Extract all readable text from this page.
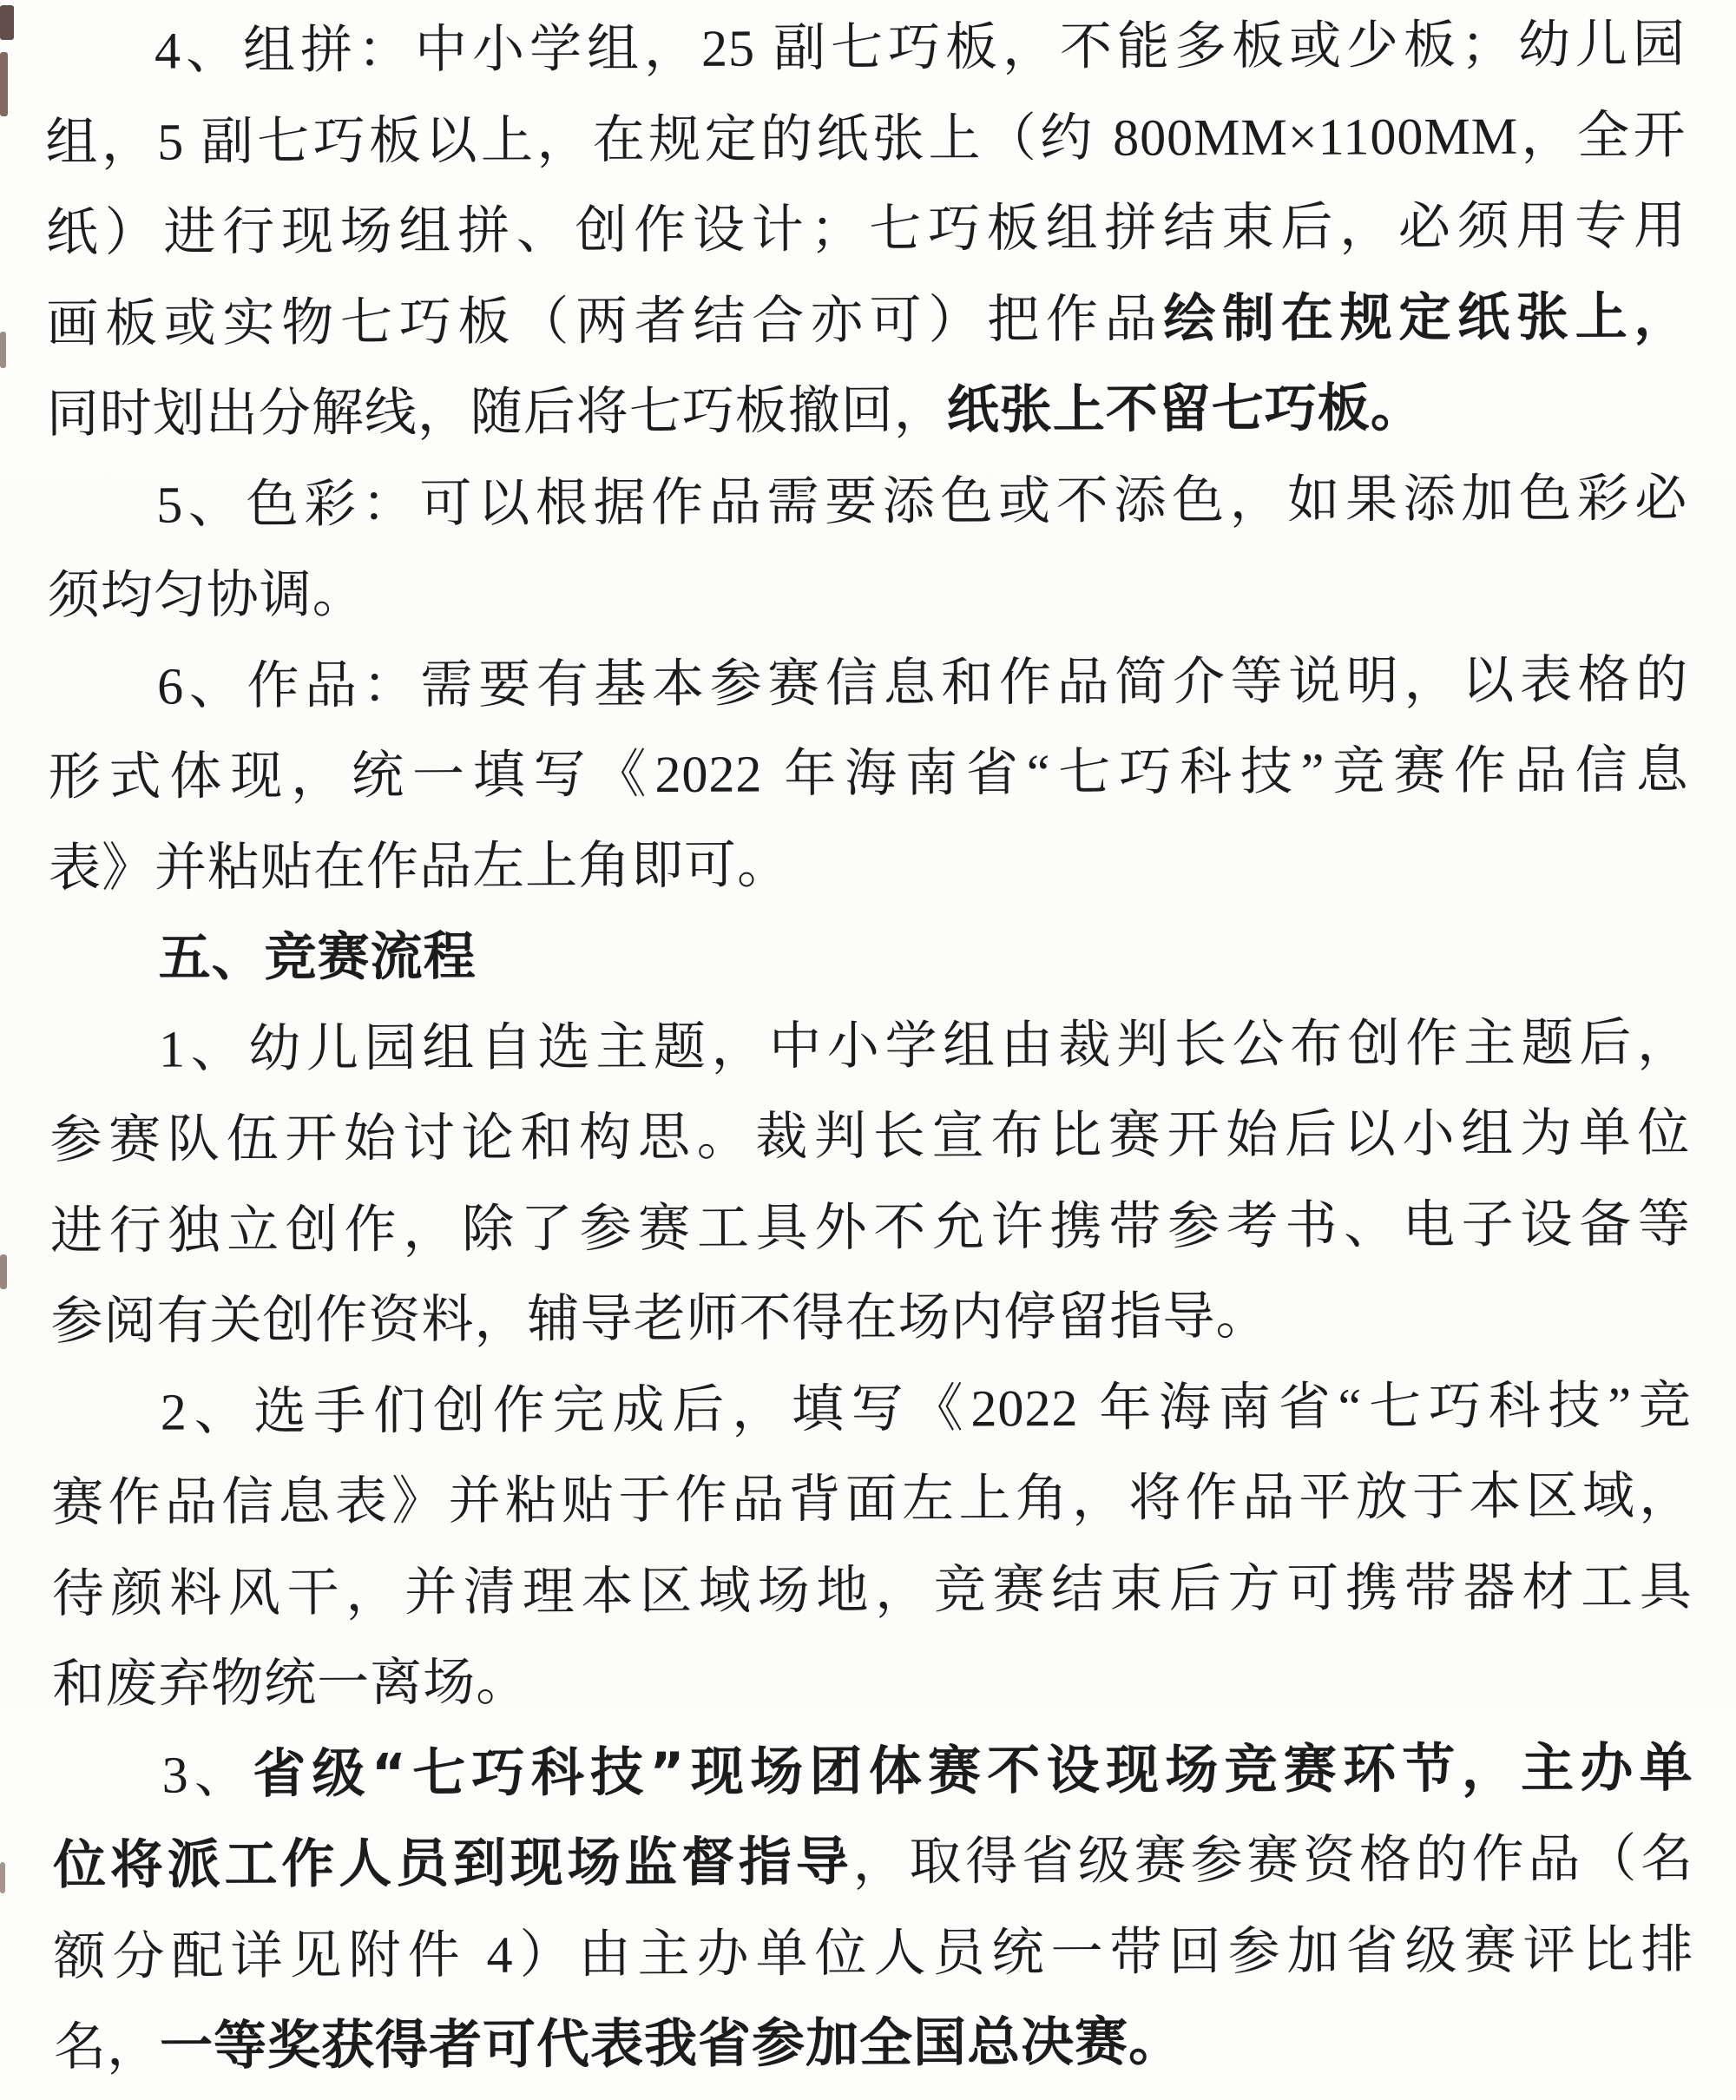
4、组拼：中小学组，25 副七巧板，不能多板或少板；幼儿园
组，5 副七巧板以上，在规定的纸张上（约 800MM×1100MM，全开
纸）进行现场组拼、创作设计；七巧板组拼结束后，必须用专用
画板或实物七巧板（两者结合亦可）把作品绘制在规定纸张上，
同时划出分解线，随后将七巧板撤回，纸张上不留七巧板。
5、色彩：可以根据作品需要添色或不添色，如果添加色彩必
须均匀协调。
6、作品：需要有基本参赛信息和作品简介等说明，以表格的
形式体现，统一填写《2022 年海南省“七巧科技”竞赛作品信息
表》并粘贴在作品左上角即可。
五、竞赛流程
1、幼儿园组自选主题，中小学组由裁判长公布创作主题后，
参赛队伍开始讨论和构思。裁判长宣布比赛开始后以小组为单位
进行独立创作，除了参赛工具外不允许携带参考书、电子设备等
参阅有关创作资料，辅导老师不得在场内停留指导。
2、选手们创作完成后，填写《2022 年海南省“七巧科技”竞
赛作品信息表》并粘贴于作品背面左上角，将作品平放于本区域，
待颜料风干，并清理本区域场地，竞赛结束后方可携带器材工具
和废弃物统一离场。
3、省级“七巧科技”现场团体赛不设现场竞赛环节，主办单
位将派工作人员到现场监督指导，取得省级赛参赛资格的作品（名
额分配详见附件 4）由主办单位人员统一带回参加省级赛评比排
名，一等奖获得者可代表我省参加全国总决赛。
